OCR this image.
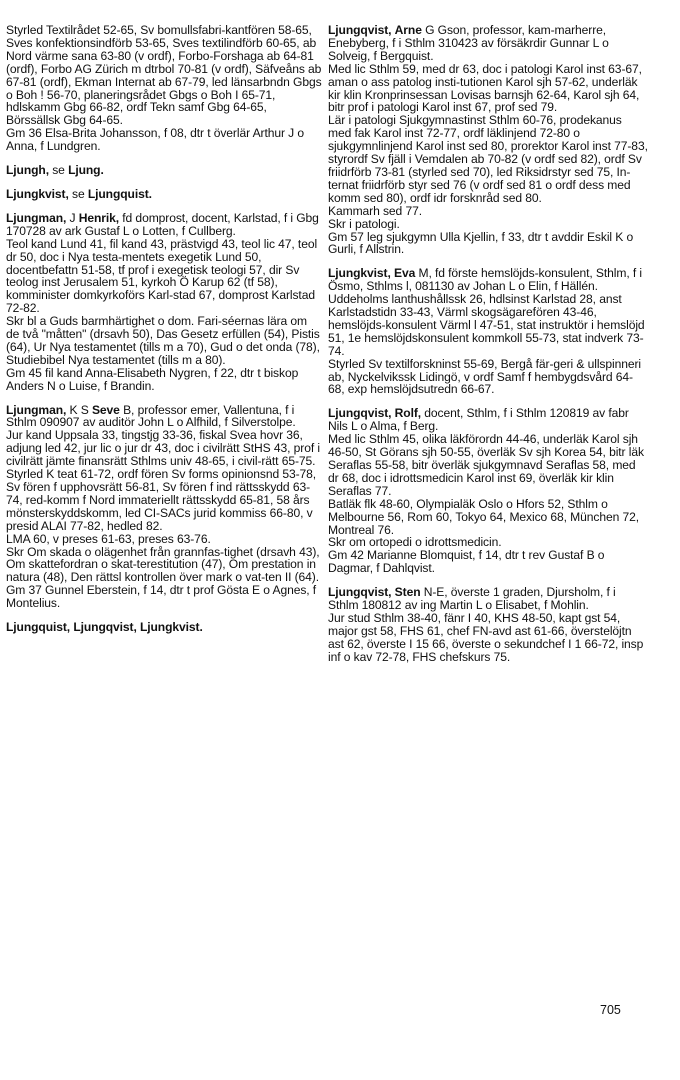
Styrled Textilrådet 52-65, Sv bomullsfabri-kantfören 58-65, Sves konfektionsindförb 53-65, Sves textilindförb 60-65, ab Nord värme sana 63-80 (v ordf), Forbo-Forshaga ab 64-81 (ordf), Forbo AG Zürich m dtrbol 70-81 (v ordf), Säfveåns ab 67-81 (ordf), Ekman Internat ab 67-79, led länsarbndn Gbgs o Boh ! 56-70, planeringsrådet Gbgs o Boh I 65-71, hdlskamm Gbg 66-82, ordf Tekn samf Gbg 64-65, Börssällsk Gbg 64-65.

Gm 36 Elsa-Brita Johansson, f 08, dtr t överlär Arthur J o Anna, f Lundgren.

Ljungh, se Ljung.

Ljungkvist, se Ljungquist.

Ljungman, J Henrik, fd domprost, docent, Karlstad, f i Gbg 170728 av ark Gustaf L o Lotten, f Cullberg.

Teol kand Lund 41, fil kand 43, prästvigd 43, teol lic 47, teol dr 50, doc i Nya testa-mentets exegetik Lund 50, docentbefattn 51-58, tf prof i exegetisk teologi 57, dir Sv teolog inst Jerusalem 51, kyrkoh Ö Karup 62 (tf 58), komminister domkyrkoförs Karl-stad 67, domprost Karlstad 72-82.

Skr bl a Guds barmhärtighet o dom. Fari-séernas lära om de två "måtten" (drsavh 50), Das Gesetz erfüllen (54), Pistis (64), Ur Nya testamentet (tills m a 70), Gud o det onda (78), Studiebibel Nya testamentet (tills m a 80).

Gm 45 fil kand Anna-Elisabeth Nygren, f 22, dtr t biskop Anders N o Luise, f Brandin.

Ljungman, K S Seve B, professor emer, Vallentuna, f i Sthlm 090907 av auditör John L o Alfhild, f Silverstolpe.

Jur kand Uppsala 33, tingstjg 33-36, fiskal Svea hovr 36, adjung led 42, jur lic o jur dr 43, doc i civilrätt StHS 43, prof i civilrätt jämte finansrätt Sthlms univ 48-65, i civil-rätt 65-75.

Styrled K teat 61-72, ordf fören Sv forms opinionsnd 53-78, Sv fören f upphovsrätt 56-81, Sv fören f ind rättsskydd 63-74, red-komm f Nord immateriellt rättsskydd 65-81, 58 års mönsterskyddskomm, led CI-SACs jurid kommiss 66-80, v presid ALAI 77-82, hedled 82.

LMA 60, v preses 61-63, preses 63-76.

Skr Om skada o olägenhet från grannfas-tighet (drsavh 43), Om skattefordran o skat-terestitution (47), Om prestation in natura (48), Den rättsl kontrollen över mark o vat-ten II (64).

Gm 37 Gunnel Eberstein, f 14, dtr t prof Gösta E o Agnes, f Montelius.

Ljungquist, Ljungqvist, Ljungkvist.

Ljungqvist, Arne G Gson, professor, kam-marherre, Enebyberg, f i Sthlm 310423 av försäkrdir Gunnar L o Solveig, f Bergquist.

Med lic Sthlm 59, med dr 63, doc i patologi Karol inst 63-67, aman o ass patolog insti-tutionen Karol sjh 57-62, underläk kir klin Kronprinsessan Lovisas barnsjh 62-64, Karol sjh 64, bitr prof i patologi Karol inst 67, prof sed 79.

Lär i patologi Sjukgymnastinst Sthlm 60-76, prodekanus med fak Karol inst 72-77, ordf läklinjend 72-80 o sjukgymnlinjend Karol inst sed 80, prorektor Karol inst 77-83, styrordf Sv fjäll i Vemdalen ab 70-82 (v ordf sed 82), ordf Sv friidrförb 73-81 (styrled sed 70), led Riksidrstyr sed 75, In-ternat friidrförb styr sed 76 (v ordf sed 81 o ordf dess med komm sed 80), ordf idr forsknråd sed 80.

Kammarh sed 77.

Skr i patologi.

Gm 57 leg sjukgymn Ulla Kjellin, f 33, dtr t avddir Eskil K o Gurli, f Allstrin.

Ljungkvist, Eva M, fd förste hemslöjds-konsulent, Sthlm, f i Ösmo, Sthlms l, 081130 av Johan L o Elin, f Hällén.

Uddeholms lanthushållssk 26, hdlsinst Karlstad 28, anst Karlstadstidn 33-43, Värml skogsägarefören 43-46, hemslöjds-konsulent Värml l 47-51, stat instruktör i hemslöjd 51, 1e hemslöjdskonsulent kommkoll 55-73, stat indverk 73-74.

Styrled Sv textilforskninst 55-69, Bergå fär-geri & ullspinneri ab, Nyckelvikssk Lidingö, v ordf Samf f hembygdsvård 64-68, exp hemslöjdsutredn 66-67.

Ljungqvist, Rolf, docent, Sthlm, f i Sthlm 120819 av fabr Nils L o Alma, f Berg.

Med lic Sthlm 45, olika läkförordn 44-46, underläk Karol sjh 46-50, St Görans sjh 50-55, överläk Sv sjh Korea 54, bitr läk Seraflas 55-58, bitr överläk sjukgymnavd Seraflas 58, med dr 68, doc i idrottsmedicin Karol inst 69, överläk kir klin Seraflas 77.

Batläk flk 48-60, Olympialäk Oslo o Hfors 52, Sthlm o Melbourne 56, Rom 60, Tokyo 64, Mexico 68, München 72, Montreal 76.

Skr om ortopedi o idrottsmedicin.

Gm 42 Marianne Blomquist, f 14, dtr t rev Gustaf B o Dagmar, f Dahlqvist.

Ljungqvist, Sten N-E, överste 1 graden, Djursholm, f i Sthlm 180812 av ing Martin L o Elisabet, f Mohlin.

Jur stud Sthlm 38-40, fänr I 40, KHS 48-50, kapt gst 54, major gst 58, FHS 61, chef FN-avd ast 61-66, överstelöjtn ast 62, överste I 15 66, överste o sekundchef I 1 66-72, insp inf o kav 72-78, FHS chefskurs 75.

705
